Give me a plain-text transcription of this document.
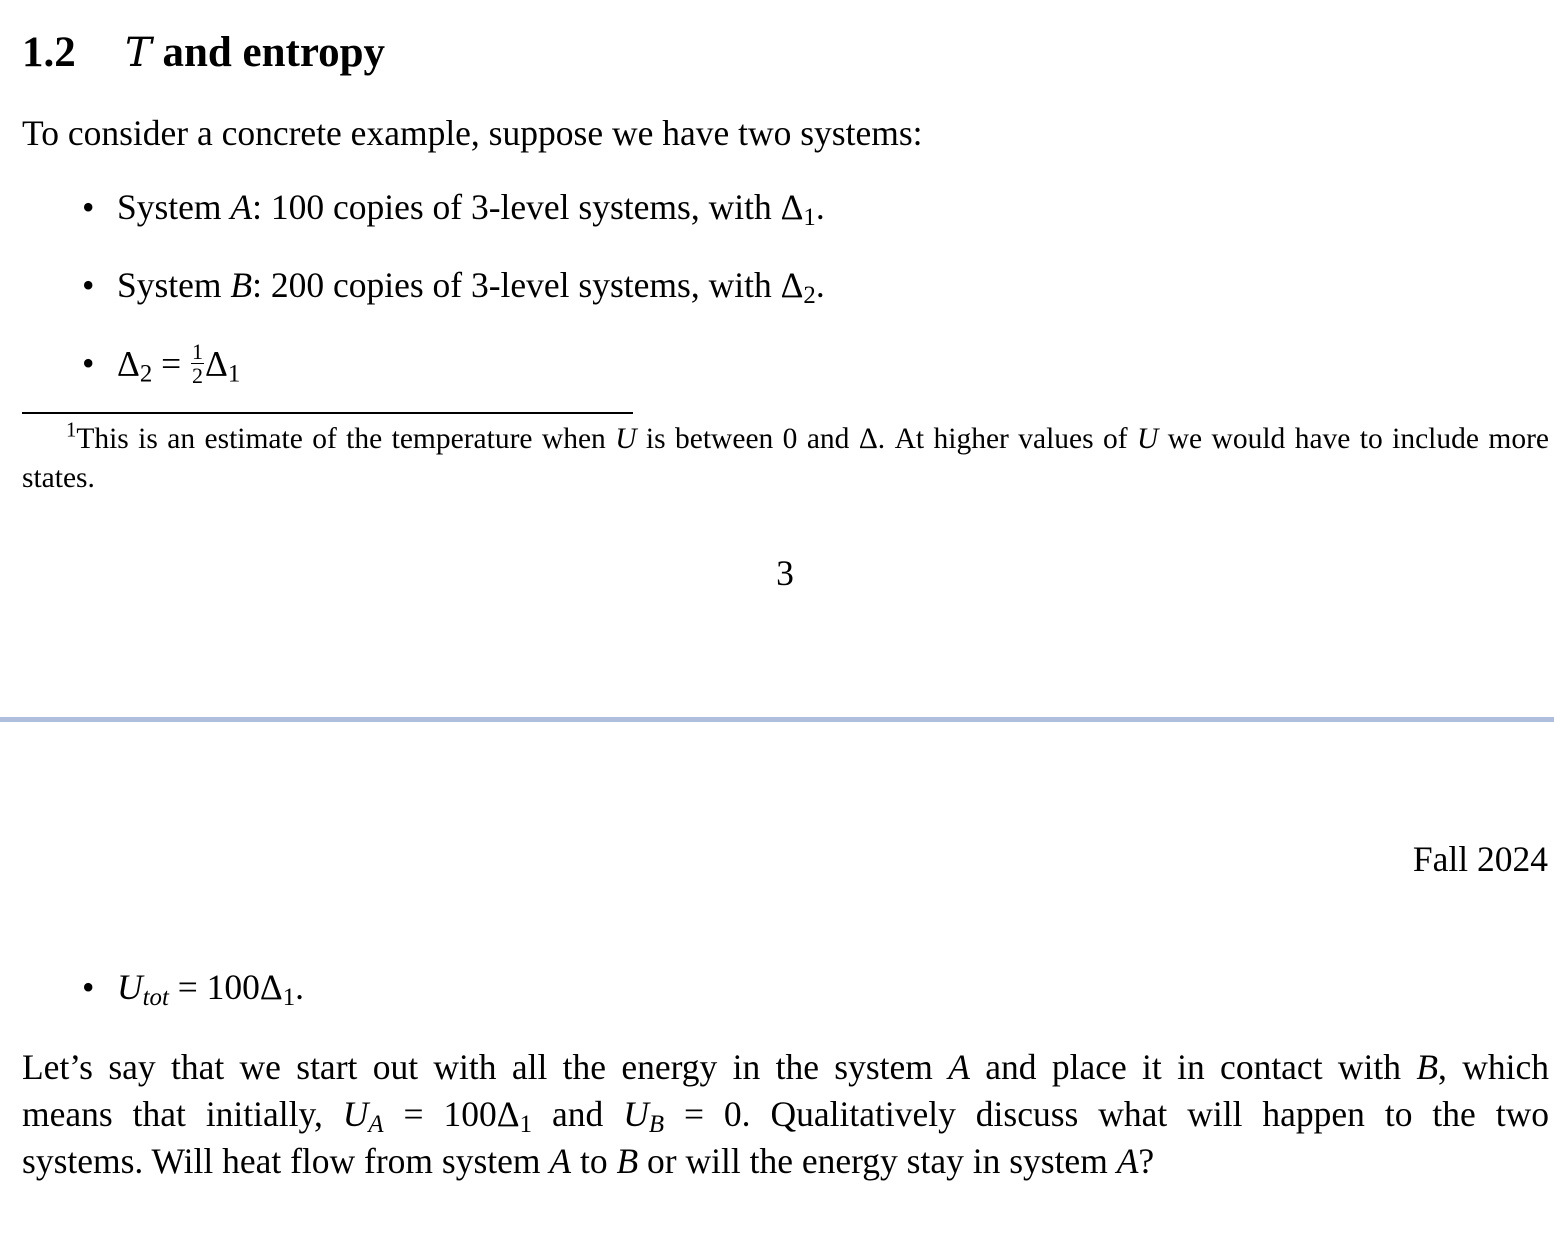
1.2 T and entropy
To consider a concrete example, suppose we have two systems:
• System A: 100 copies of 3-level systems, with $\Delta_1$.
• System B: 200 copies of 3-level systems, with $\Delta_2$.
• $\Delta_2 = \frac{1}{2} \Delta_1$
$^1$This is an estimate of the temperature when U is between 0 and Δ. At higher values of U we would have to include more states.
3
Fall 2024
• $U_{tot} = 100\Delta_1$.
Let’s say that we start out with all the energy in the system A and place it in contact with B, which
means that initially, $U_A = 100\Delta_1$ and $U_B = 0$. Qualitatively discuss what will happen to the two
systems. Will heat flow from system A to B or will the energy stay in system A?
